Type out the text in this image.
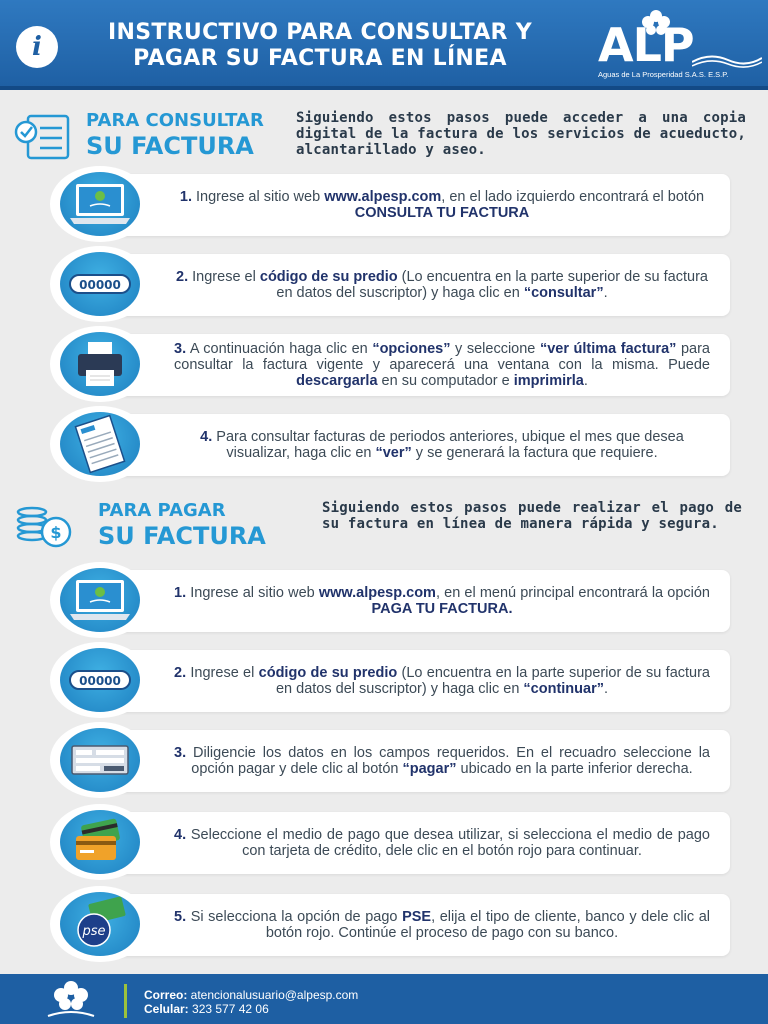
i	INSTRUCTIVO PARA CONSULTAR Y
PAGAR SU FACTURA EN LÍNEA	ALP
Aguas de La Prosperidad S.A.S. E.S.P.
PARA CONSULTAR
SU FACTURA
Siguiendo estos pasos puede acceder a una copia digital de la factura de los servicios de acueducto, alcantarillado y aseo.
1. Ingrese al sitio web www.alpesp.com, en el lado izquierdo encontrará el botón
CONSULTA TU FACTURA
00000	2. Ingrese el código de su predio (Lo encuentra en la parte superior de su factura en datos del suscriptor) y haga clic en “consultar”.
3. A continuación haga clic en “opciones” y seleccione “ver última factura” para consultar la factura vigente y aparecerá una ventana con la misma. Puede descargarla en su computador e imprimirla.
4. Para consultar facturas de periodos anteriores, ubique el mes que desea visualizar, haga clic en “ver” y se generará la factura que requiere.
$
PARA PAGAR
SU FACTURA
Siguiendo estos pasos puede realizar el pago de su factura en línea de manera rápida y segura.
1. Ingrese al sitio web www.alpesp.com, en el menú principal encontrará la opción PAGA TU FACTURA.
00000	2. Ingrese el código de su predio (Lo encuentra en la parte superior de su factura en datos del suscriptor) y haga clic en “continuar”.
3. Diligencie los datos en los campos requeridos. En el recuadro seleccione la opción pagar y dele clic al botón “pagar” ubicado en la parte inferior derecha.
4. Seleccione el medio de pago que desea utilizar, si selecciona el medio de pago con tarjeta de crédito, dele clic en el botón rojo para continuar.
pse
5. Si selecciona la opción de pago PSE, elija el tipo de cliente, banco y dele clic al botón rojo. Continúe el proceso de pago con su banco.
Correo: atencionalusuario@alpesp.com
Celular: 323 577 42 06
